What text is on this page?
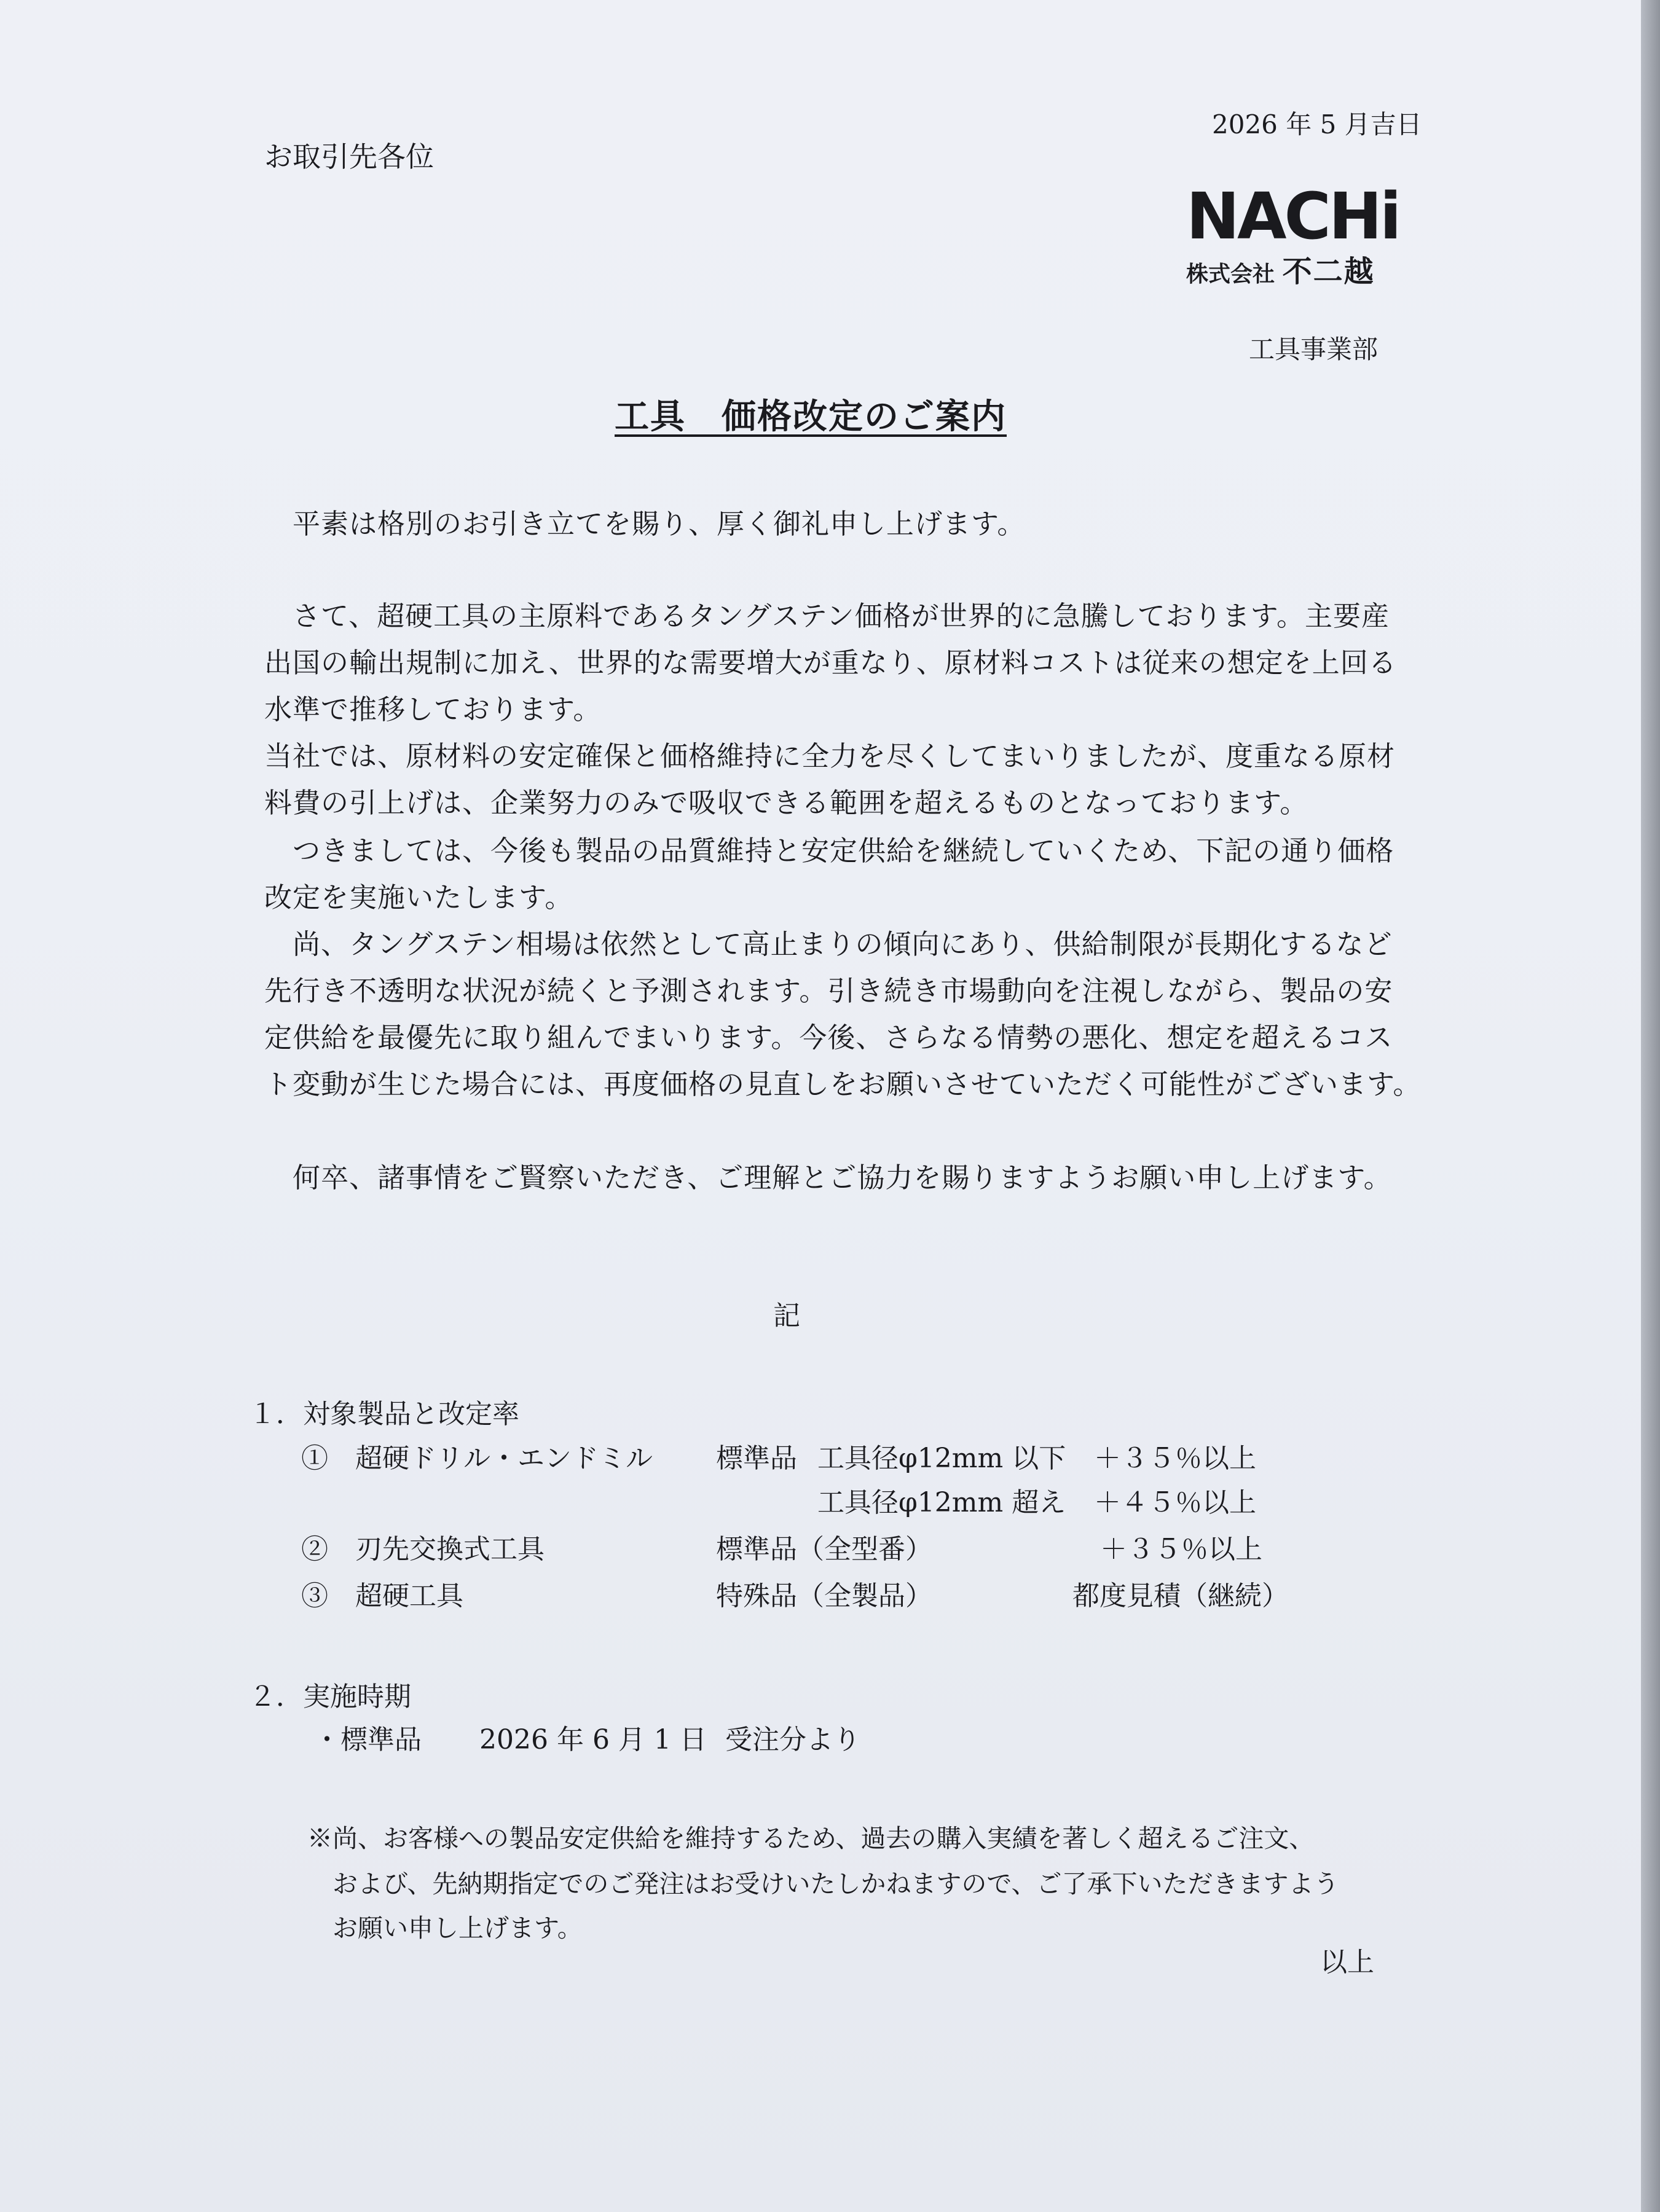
お取引先各位
2026 年 5 月吉日
NACHi
株式会社 不二越
工具事業部
工具　価格改定のご案内
　平素は格別のお引き立てを賜り、厚く御礼申し上げます。
　さて、超硬工具の主原料であるタングステン価格が世界的に急騰しております。主要産
出国の輸出規制に加え、世界的な需要増大が重なり、原材料コストは従来の想定を上回る
水準で推移しております。
当社では、原材料の安定確保と価格維持に全力を尽くしてまいりましたが、度重なる原材
料費の引上げは、企業努力のみで吸収できる範囲を超えるものとなっております。
　つきましては、今後も製品の品質維持と安定供給を継続していくため、下記の通り価格
改定を実施いたします。
　尚、タングステン相場は依然として高止まりの傾向にあり、供給制限が長期化するなど
先行き不透明な状況が続くと予測されます。引き続き市場動向を注視しながら、製品の安
定供給を最優先に取り組んでまいります。今後、さらなる情勢の悪化、想定を超えるコス
ト変動が生じた場合には、再度価格の見直しをお願いさせていただく可能性がございます。
　何卒、諸事情をご賢察いただき、ご理解とご協力を賜りますようお願い申し上げます。
記
１．対象製品と改定率
①　超硬ドリル・エンドミル 標準品 工具径φ12mm 以下 ＋３５％以上
工具径φ12mm 超え ＋４５％以上
②　刃先交換式工具	標準品（全型番）	＋３５％以上
③　超硬工具	特殊品（全製品）	都度見積（継続）
２．実施時期
・標準品 2026 年 6 月 1 日 受注分より
※尚、お客様への製品安定供給を維持するため、過去の購入実績を著しく超えるご注文、
　および、先納期指定でのご発注はお受けいたしかねますので、ご了承下いただきますよう
　お願い申し上げます。
以上
